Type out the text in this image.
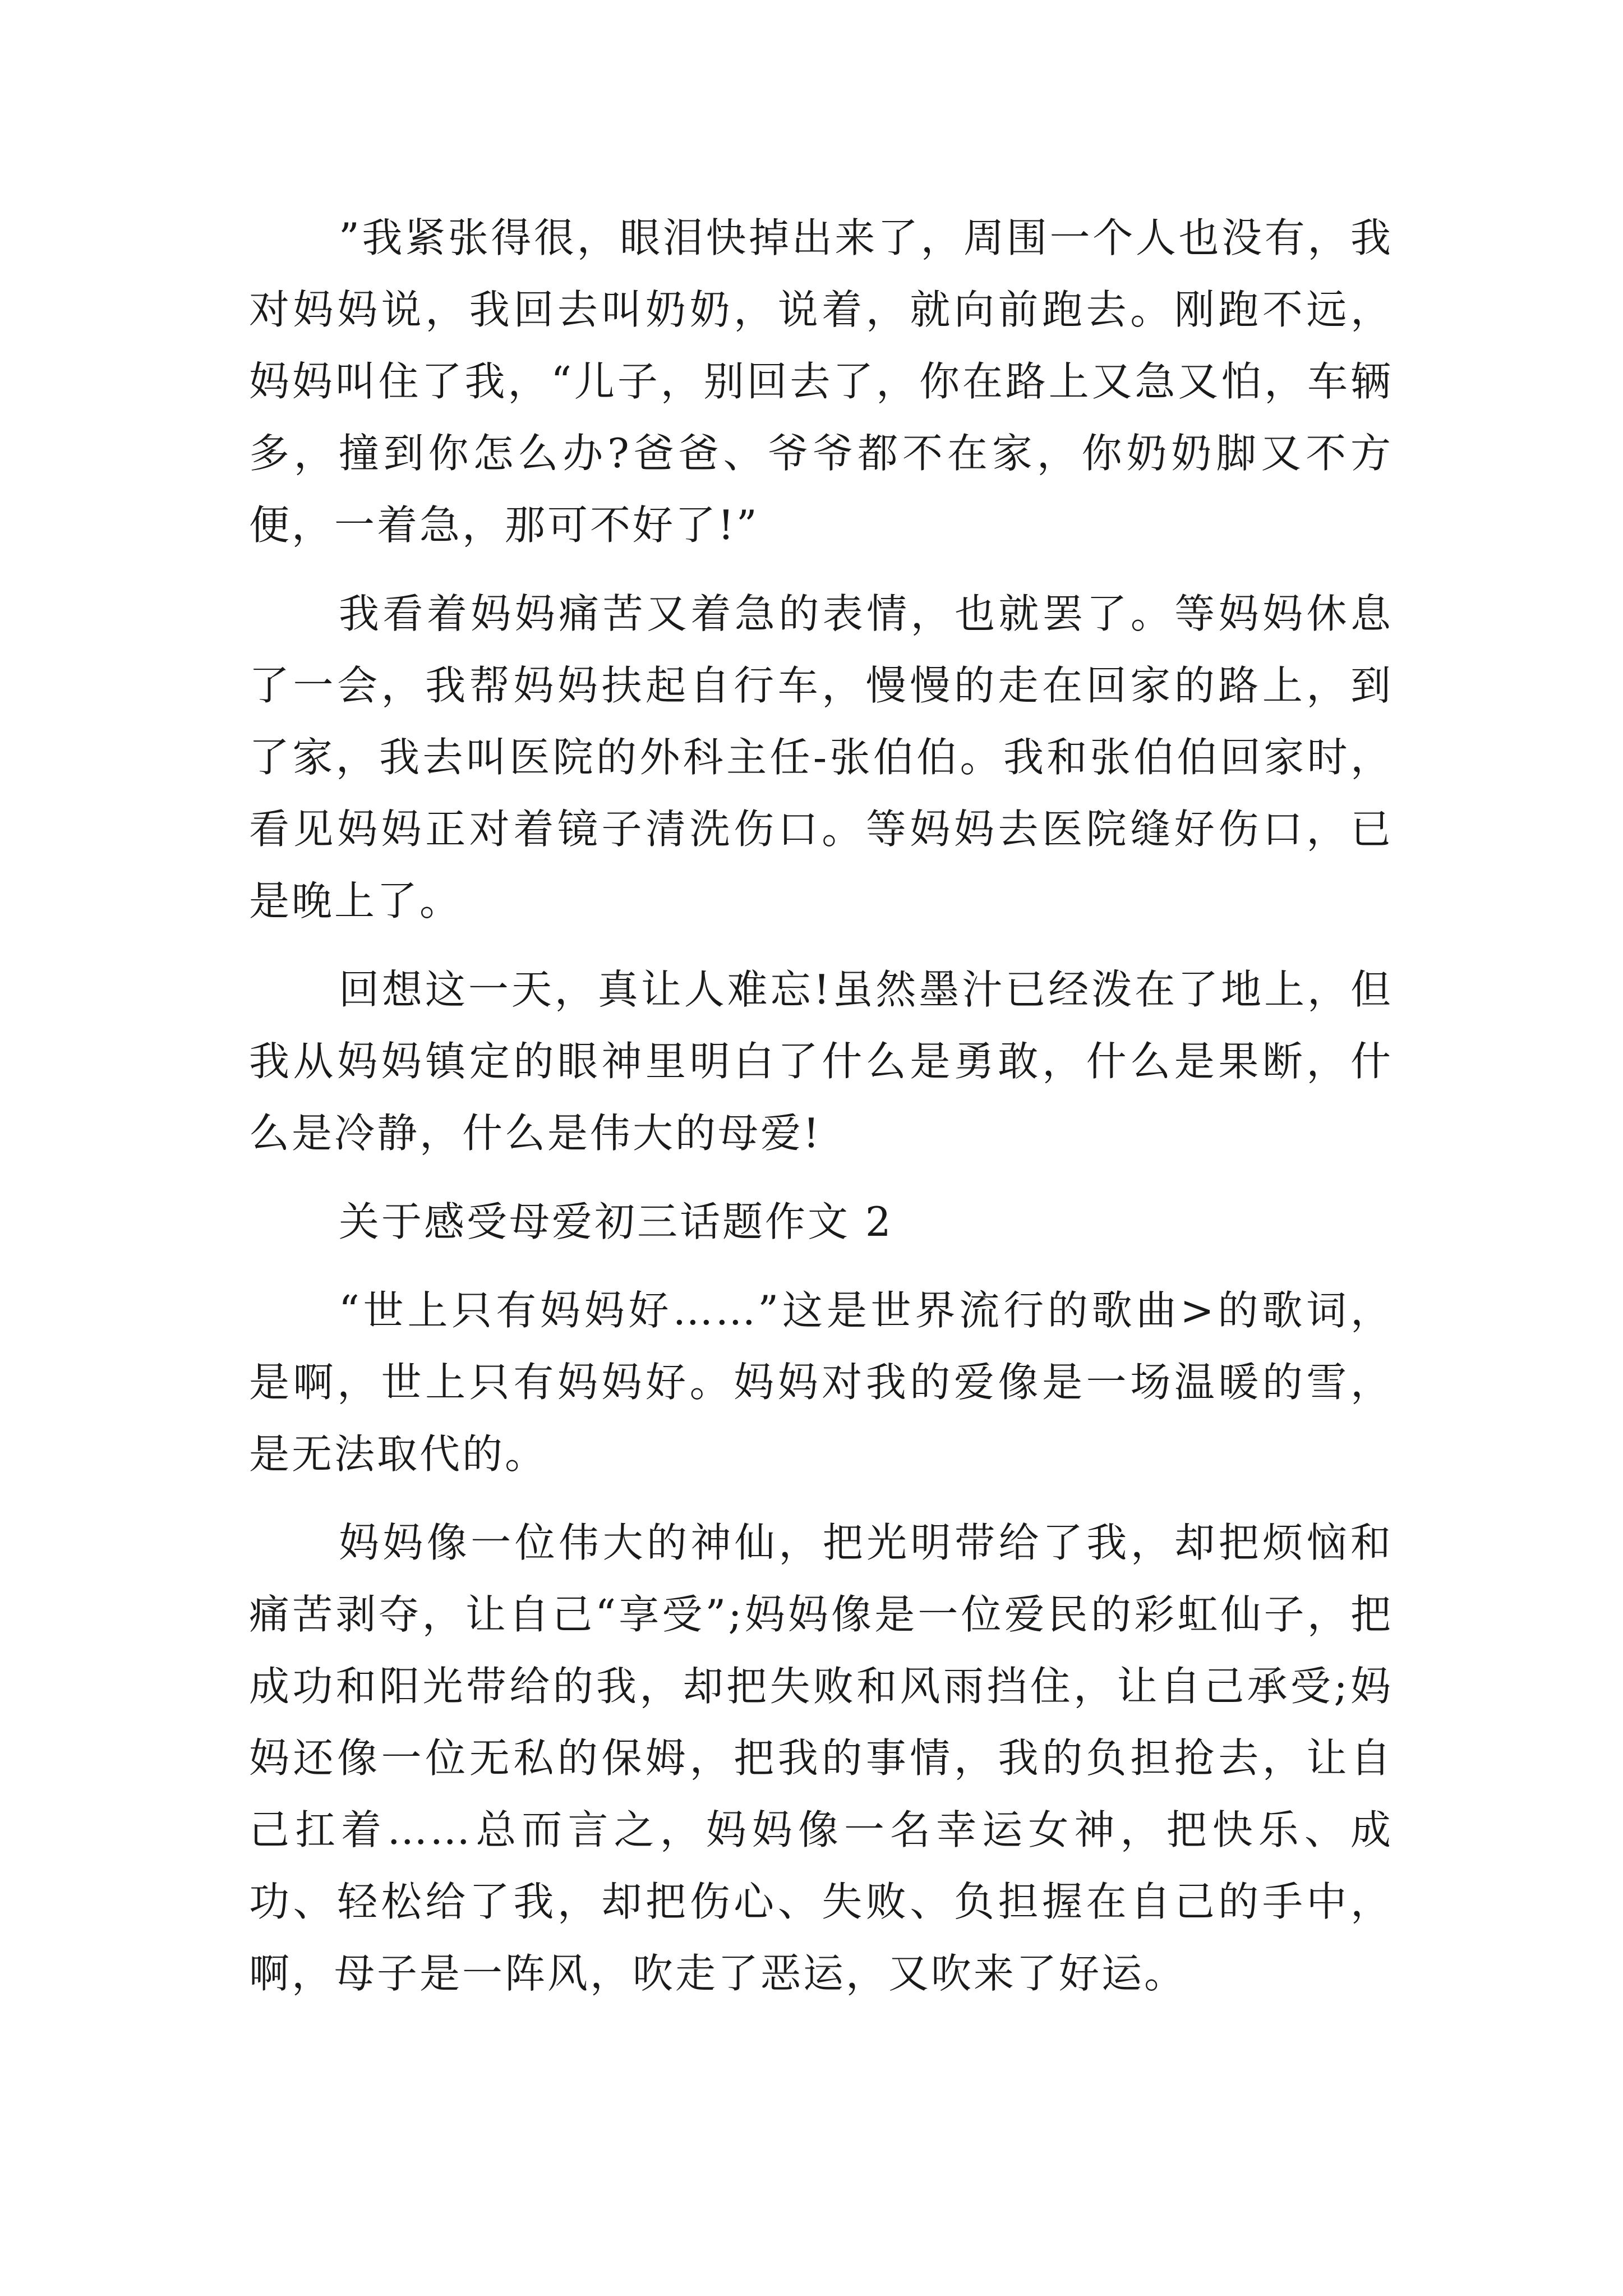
”我紧张得很，眼泪快掉出来了，周围一个人也没有，我对妈妈说，我回去叫奶奶，说着，就向前跑去。刚跑不远，妈妈叫住了我，“儿子，别回去了，你在路上又急又怕，车辆多，撞到你怎么办?爸爸、爷爷都不在家，你奶奶脚又不方便，一着急，那可不好了!”

我看着妈妈痛苦又着急的表情，也就罢了。等妈妈休息了一会，我帮妈妈扶起自行车，慢慢的走在回家的路上，到了家，我去叫医院的外科主任-张伯伯。我和张伯伯回家时，看见妈妈正对着镜子清洗伤口。等妈妈去医院缝好伤口，已是晚上了。

回想这一天，真让人难忘!虽然墨汁已经泼在了地上，但我从妈妈镇定的眼神里明白了什么是勇敢，什么是果断，什么是冷静，什么是伟大的母爱!

关于感受母爱初三话题作文 2

“世上只有妈妈好……”这是世界流行的歌曲>的歌词，是啊，世上只有妈妈好。妈妈对我的爱像是一场温暖的雪，是无法取代的。

妈妈像一位伟大的神仙，把光明带给了我，却把烦恼和痛苦剥夺，让自己“享受”;妈妈像是一位爱民的彩虹仙子，把成功和阳光带给的我，却把失败和风雨挡住，让自己承受;妈妈还像一位无私的保姆，把我的事情，我的负担抢去，让自己扛着……总而言之，妈妈像一名幸运女神，把快乐、成功、轻松给了我，却把伤心、失败、负担握在自己的手中，啊，母子是一阵风，吹走了恶运，又吹来了好运。
